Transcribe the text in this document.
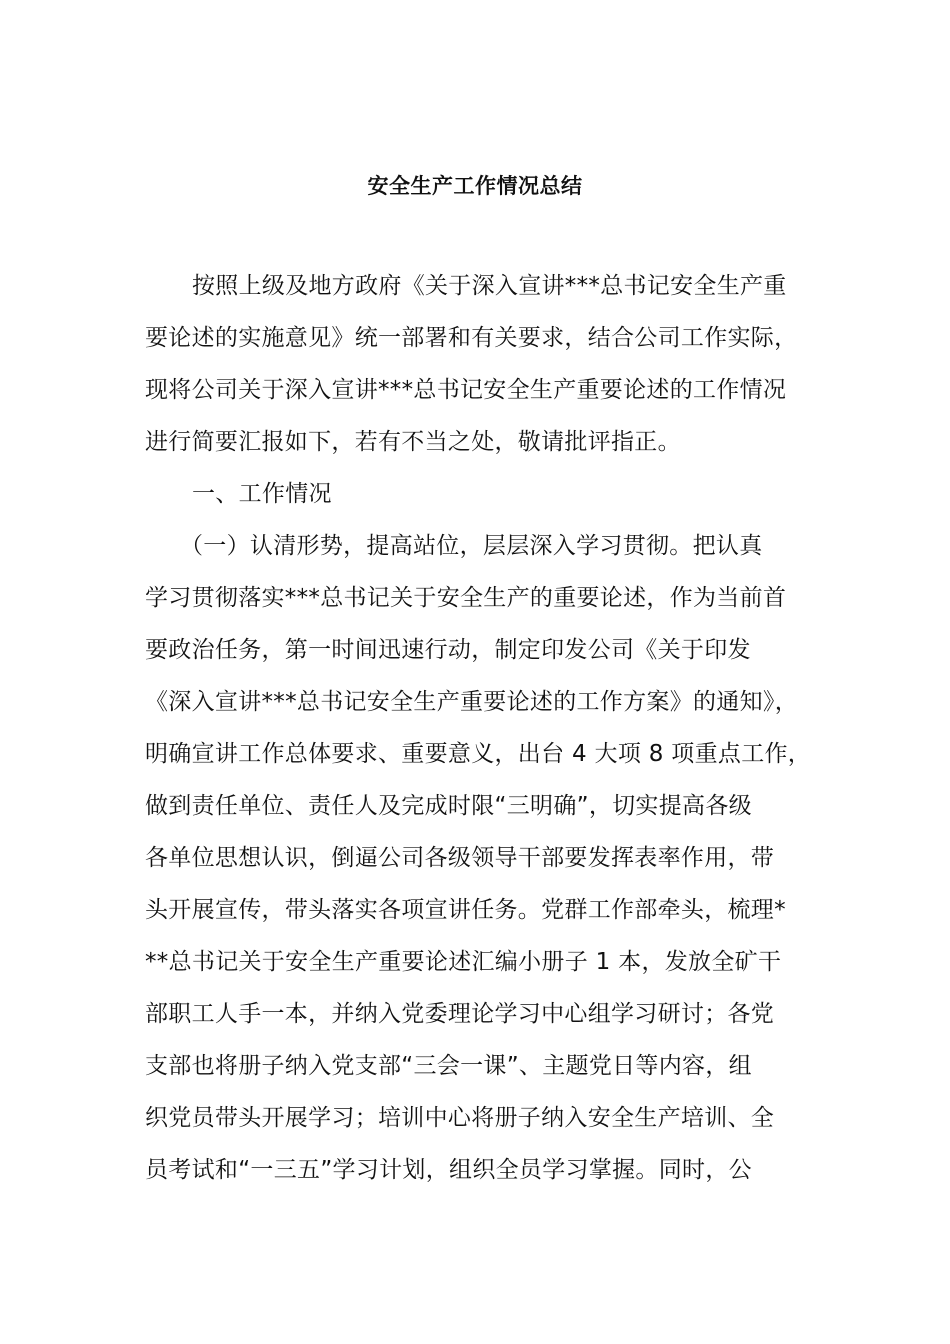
安全生产工作情况总结
按照上级及地方政府《关于深入宣讲***总书记安全生产重
要论述的实施意见》统一部署和有关要求，结合公司工作实际，
现将公司关于深入宣讲***总书记安全生产重要论述的工作情况
进行简要汇报如下，若有不当之处，敬请批评指正。
一、工作情况
（一）认清形势，提高站位，层层深入学习贯彻。把认真
学习贯彻落实***总书记关于安全生产的重要论述，作为当前首
要政治任务，第一时间迅速行动，制定印发公司《关于印发
《深入宣讲***总书记安全生产重要论述的工作方案》的通知》，
明确宣讲工作总体要求、重要意义，出台 4 大项 8 项重点工作，
做到责任单位、责任人及完成时限“三明确”，切实提高各级
各单位思想认识，倒逼公司各级领导干部要发挥表率作用，带
头开展宣传，带头落实各项宣讲任务。党群工作部牵头，梳理*
**总书记关于安全生产重要论述汇编小册子 1 本，发放全矿干
部职工人手一本，并纳入党委理论学习中心组学习研讨；各党
支部也将册子纳入党支部“三会一课”、主题党日等内容，组
织党员带头开展学习；培训中心将册子纳入安全生产培训、全
员考试和“一三五”学习计划，组织全员学习掌握。同时，公
